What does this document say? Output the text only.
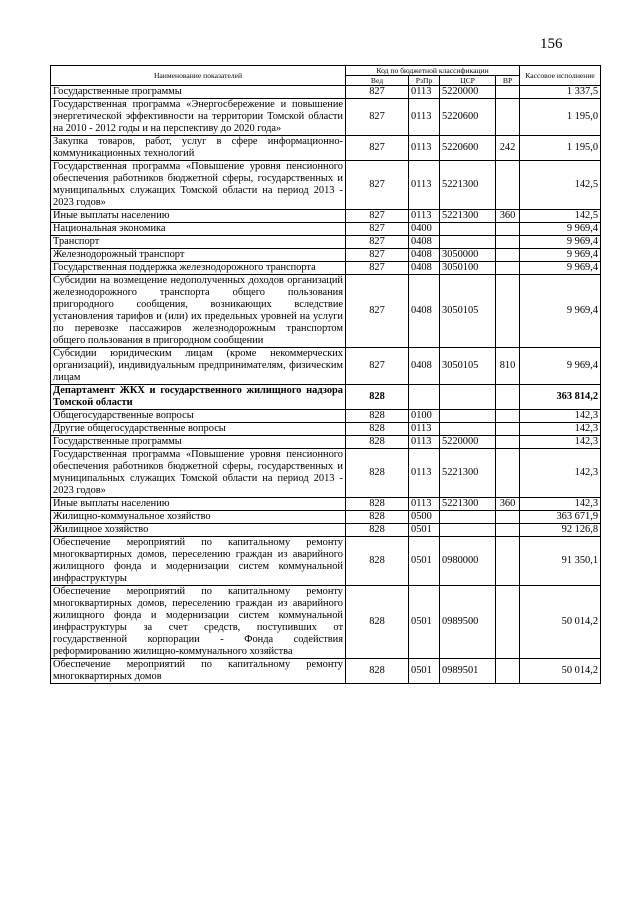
156
Наименование показателей	Код по бюджетной классификации				Кассовое исполнение
	Вед	РзПр	ЦСР	ВР	
Государственные программы	827	0113	5220000		1 337,5
Государственная программа «Энергосбережение и повышение энергетической эффективности на территории Томской области на 2010 - 2012 годы и на перспективу до 2020 года»	827	0113	5220600		1 195,0
Закупка товаров, работ, услуг в сфере информационно-коммуникационных технологий	827	0113	5220600	242	1 195,0
Государственная программа «Повышение уровня пенсионного обеспечения работников бюджетной сферы, государственных и муниципальных служащих Томской области на период 2013 - 2023 годов»	827	0113	5221300		142,5
Иные выплаты населению	827	0113	5221300	360	142,5
Национальная экономика	827	0400			9 969,4
Транспорт	827	0408			9 969,4
Железнодорожный транспорт	827	0408	3050000		9 969,4
Государственная поддержка железнодорожного транспорта	827	0408	3050100		9 969,4
Субсидии на возмещение недополученных доходов организаций железнодорожного транспорта общего пользования пригородного сообщения, возникающих вследствие установления тарифов и (или) их предельных уровней на услуги по перевозке пассажиров железнодорожным транспортом общего пользования в пригородном сообщении	827	0408	3050105		9 969,4
Субсидии юридическим лицам (кроме некоммерческих организаций), индивидуальным предпринимателям, физическим лицам	827	0408	3050105	810	9 969,4
Департамент ЖКХ и государственного жилищного надзора Томской области	828				363 814,2
Общегосударственные вопросы	828	0100			142,3
Другие общегосударственные вопросы	828	0113			142,3
Государственные программы	828	0113	5220000		142,3
Государственная программа «Повышение уровня пенсионного обеспечения работников бюджетной сферы, государственных и муниципальных служащих Томской области на период 2013 - 2023 годов»	828	0113	5221300		142,3
Иные выплаты населению	828	0113	5221300	360	142,3
Жилищно-коммунальное хозяйство	828	0500			363 671,9
Жилищное хозяйство	828	0501			92 126,8
Обеспечение мероприятий по капитальному ремонту многоквартирных домов, переселению граждан из аварийного жилищного фонда и модернизации систем коммунальной инфраструктуры	828	0501	0980000		91 350,1
Обеспечение мероприятий по капитальному ремонту многоквартирных домов, переселению граждан из аварийного жилищного фонда и модернизации систем коммунальной инфраструктуры за счет средств, поступивших от государственной корпорации - Фонда содействия реформированию жилищно-коммунального хозяйства	828	0501	0989500		50 014,2
Обеспечение мероприятий по капитальному ремонту многоквартирных домов	828	0501	0989501		50 014,2
